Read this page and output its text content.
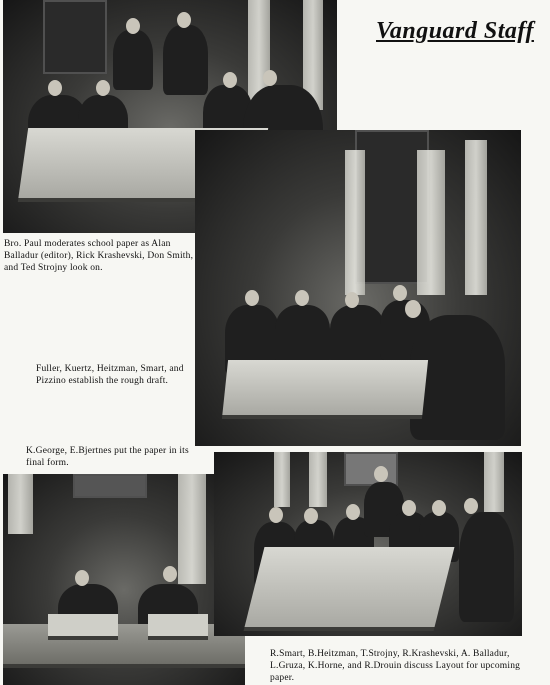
Vanguard Staff
Bro. Paul moderates school paper as Alan Balladur (editor), Rick Krashevski, Don Smith, and Ted Strojny look on.
Fuller, Kuertz, Heitzman, Smart, and Pizzino establish the rough draft.
K.George, E.Bjertnes put the paper in its final form.
R.Smart, B.Heitzman, T.Strojny, R.Krashevski, A. Balladur, L.Gruza, K.Horne, and R.Drouin discuss Layout for upcoming paper.
